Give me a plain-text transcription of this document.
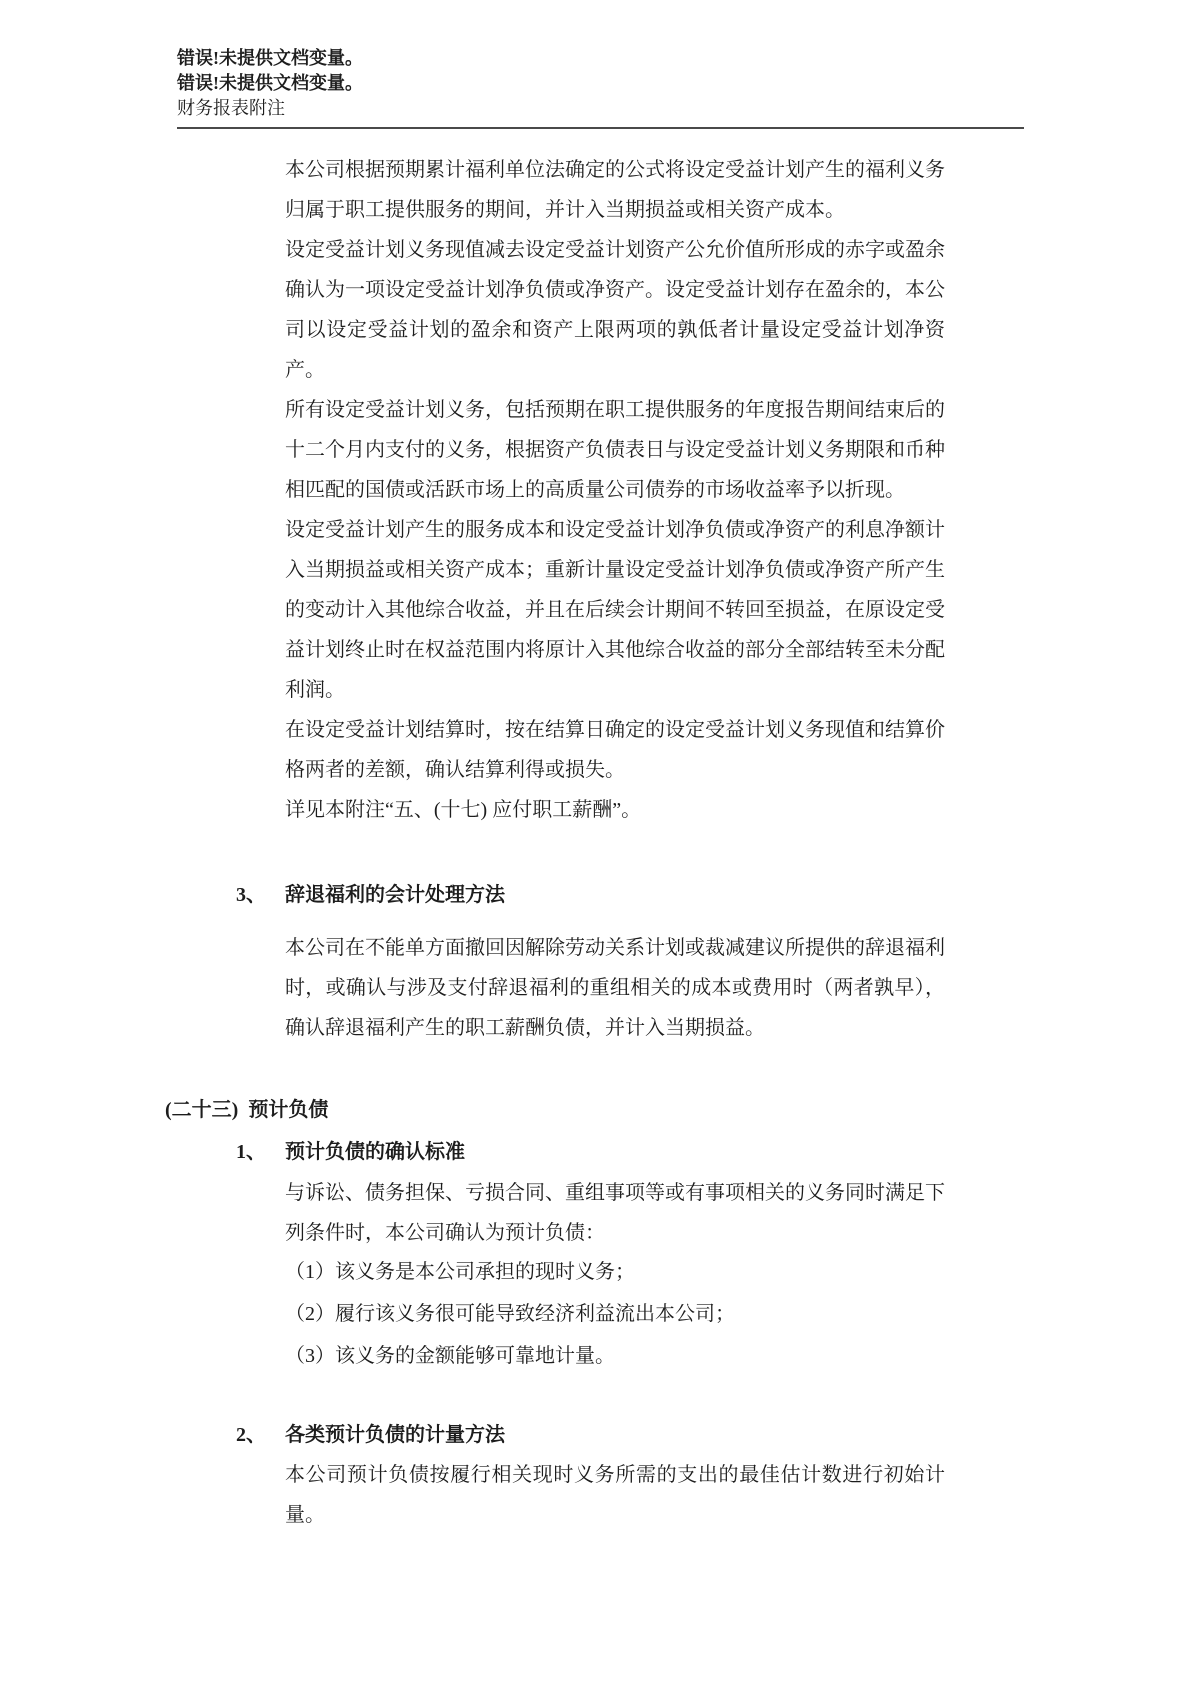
错误!未提供文档变量。
错误!未提供文档变量。
财务报表附注

本公司根据预期累计福利单位法确定的公式将设定受益计划产生的福利义务归属于职工提供服务的期间，并计入当期损益或相关资产成本。

设定受益计划义务现值减去设定受益计划资产公允价值所形成的赤字或盈余确认为一项设定受益计划净负债或净资产。设定受益计划存在盈余的，本公司以设定受益计划的盈余和资产上限两项的孰低者计量设定受益计划净资产。

所有设定受益计划义务，包括预期在职工提供服务的年度报告期间结束后的十二个月内支付的义务，根据资产负债表日与设定受益计划义务期限和币种相匹配的国债或活跃市场上的高质量公司债券的市场收益率予以折现。

设定受益计划产生的服务成本和设定受益计划净负债或净资产的利息净额计入当期损益或相关资产成本；重新计量设定受益计划净负债或净资产所产生的变动计入其他综合收益，并且在后续会计期间不转回至损益，在原设定受益计划终止时在权益范围内将原计入其他综合收益的部分全部结转至未分配利润。

在设定受益计划结算时，按在结算日确定的设定受益计划义务现值和结算价格两者的差额，确认结算利得或损失。

详见本附注“五、(十七) 应付职工薪酬”。

3、 辞退福利的会计处理方法

本公司在不能单方面撤回因解除劳动关系计划或裁减建议所提供的辞退福利时，或确认与涉及支付辞退福利的重组相关的成本或费用时（两者孰早），确认辞退福利产生的职工薪酬负债，并计入当期损益。

(二十三) 预计负债
1、 预计负债的确认标准

与诉讼、债务担保、亏损合同、重组事项等或有事项相关的义务同时满足下列条件时，本公司确认为预计负债：

（1）该义务是本公司承担的现时义务；
（2）履行该义务很可能导致经济利益流出本公司；
（3）该义务的金额能够可靠地计量。
2、 各类预计负债的计量方法

本公司预计负债按履行相关现时义务所需的支出的最佳估计数进行初始计量。
